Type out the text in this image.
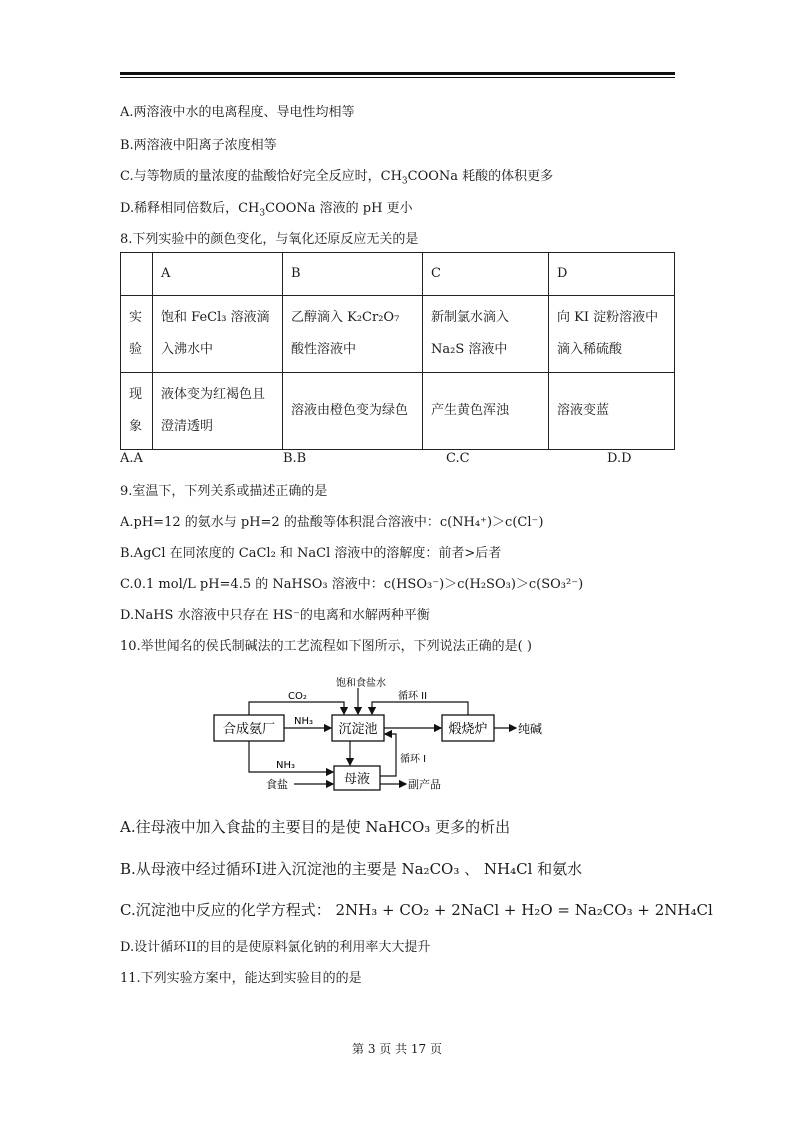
A.两溶液中水的电离程度、导电性均相等
B.两溶液中阳离子浓度相等
C.与等物质的量浓度的盐酸恰好完全反应时，$CH_3COONa$ 耗酸的体积更多
D.稀释相同倍数后，$CH_3COONa$ 溶液的 pH 更小
8.下列实验中的颜色变化，与氧化还原反应无关的是
	A	B	C	D
实验	饱和 FeCl₃ 溶液滴入沸水中	乙醇滴入 K₂Cr₂O₇ 酸性溶液中	新制氯水滴入 Na₂S 溶液中	向 KI 淀粉溶液中滴入稀硫酸
现象	液体变为红褐色且澄清透明	溶液由橙色变为绿色	产生黄色浑浊	溶液变蓝
A.A	B.B	C.C	D.D
9.室温下，下列关系或描述正确的是
A.pH=12 的氨水与 pH=2 的盐酸等体积混合溶液中：c(NH₄⁺)＞c(Cl⁻)
B.AgCl 在同浓度的 CaCl₂ 和 NaCl 溶液中的溶解度：前者>后者
C.0.1 mol/L pH=4.5 的 NaHSO₃ 溶液中：c(HSO₃⁻)＞c(H₂SO₃)＞c(SO₃²⁻)
D.NaHS 水溶液中只存在 HS⁻的电离和水解两种平衡
10.举世闻名的侯氏制碱法的工艺流程如下图所示，下列说法正确的是( )
合成氨厂	沉淀池	煅烧炉
母液
CO₂
饱和食盐水
循环 II
NH₃
纯碱
循环 I
NH₃
食盐	副产品
A.往母液中加入食盐的主要目的是使 NaHCO₃ 更多的析出
B.从母液中经过循环I进入沉淀池的主要是 Na₂CO₃ 、 NH₄Cl 和氨水
C.沉淀池中反应的化学方程式： 2NH₃ + CO₂ + 2NaCl + H₂O = Na₂CO₃ + 2NH₄Cl
D.设计循环II的目的是使原料氯化钠的利用率大大提升
11.下列实验方案中，能达到实验目的的是
第 3 页 共 17 页
